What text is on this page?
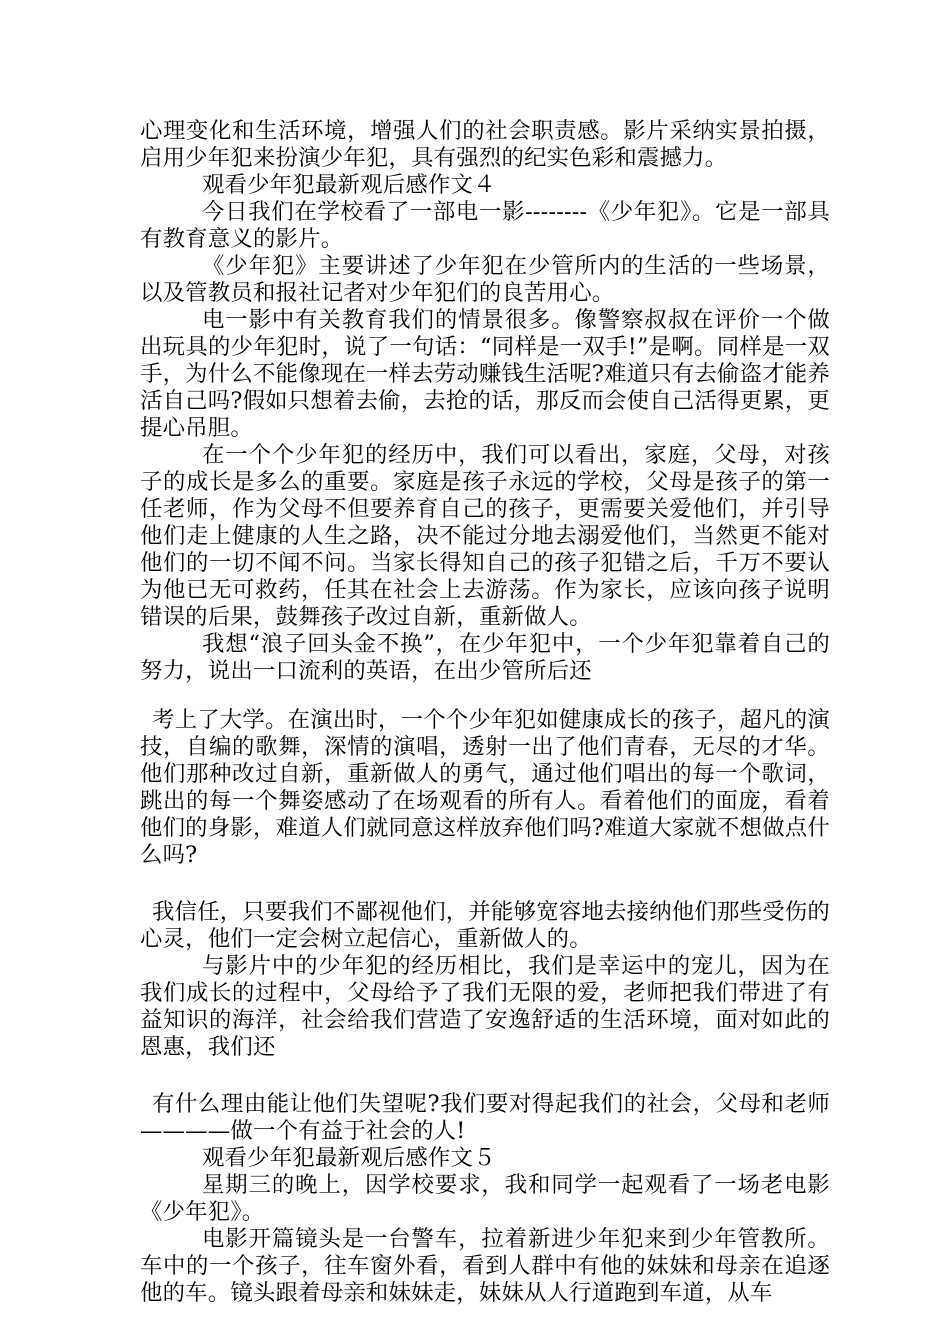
心理变化和生活环境，增强人们的社会职责感。影片采纳实景拍摄，启用少年犯来扮演少年犯，具有强烈的纪实色彩和震撼力。

观看少年犯最新观后感作文４

今日我们在学校看了一部电一影--------《少年犯》。它是一部具有教育意义的影片。

《少年犯》主要讲述了少年犯在少管所内的生活的一些场景，以及管教员和报社记者对少年犯们的良苦用心。

电一影中有关教育我们的情景很多。像警察叔叔在评价一个做出玩具的少年犯时，说了一句话：“同样是一双手!”是啊。同样是一双手，为什么不能像现在一样去劳动赚钱生活呢?难道只有去偷盗才能养活自己吗?假如只想着去偷，去抢的话，那反而会使自己活得更累，更提心吊胆。

在一个个少年犯的经历中，我们可以看出，家庭，父母，对孩子的成长是多么的重要。家庭是孩子永远的学校，父母是孩子的第一任老师，作为父母不但要养育自己的孩子，更需要关爱他们，并引导他们走上健康的人生之路，决不能过分地去溺爱他们，当然更不能对他们的一切不闻不问。当家长得知自己的孩子犯错之后，千万不要认为他已无可救药，任其在社会上去游荡。作为家长，应该向孩子说明错误的后果，鼓舞孩子改过自新，重新做人。

我想“浪子回头金不换”，在少年犯中，一个少年犯靠着自己的努力，说出一口流利的英语，在出少管所后还

考上了大学。在演出时，一个个少年犯如健康成长的孩子，超凡的演技，自编的歌舞，深情的演唱，透射一出了他们青春，无尽的才华。他们那种改过自新，重新做人的勇气，通过他们唱出的每一个歌词，跳出的每一个舞姿感动了在场观看的所有人。看着他们的面庞，看着他们的身影，难道人们就同意这样放弃他们吗?难道大家就不想做点什么吗?

我信任，只要我们不鄙视他们，并能够宽容地去接纳他们那些受伤的心灵，他们一定会树立起信心，重新做人的。

与影片中的少年犯的经历相比，我们是幸运中的宠儿，因为在我们成长的过程中，父母给予了我们无限的爱，老师把我们带进了有益知识的海洋，社会给我们营造了安逸舒适的生活环境，面对如此的恩惠，我们还

有什么理由能让他们失望呢?我们要对得起我们的社会，父母和老师————做一个有益于社会的人!

观看少年犯最新观后感作文５

星期三的晚上，因学校要求，我和同学一起观看了一场老电影《少年犯》。

电影开篇镜头是一台警车，拉着新进少年犯来到少年管教所。车中的一个孩子，往车窗外看，看到人群中有他的妹妹和母亲在追逐他的车。镜头跟着母亲和妹妹走，妹妹从人行道跑到车道，从车
